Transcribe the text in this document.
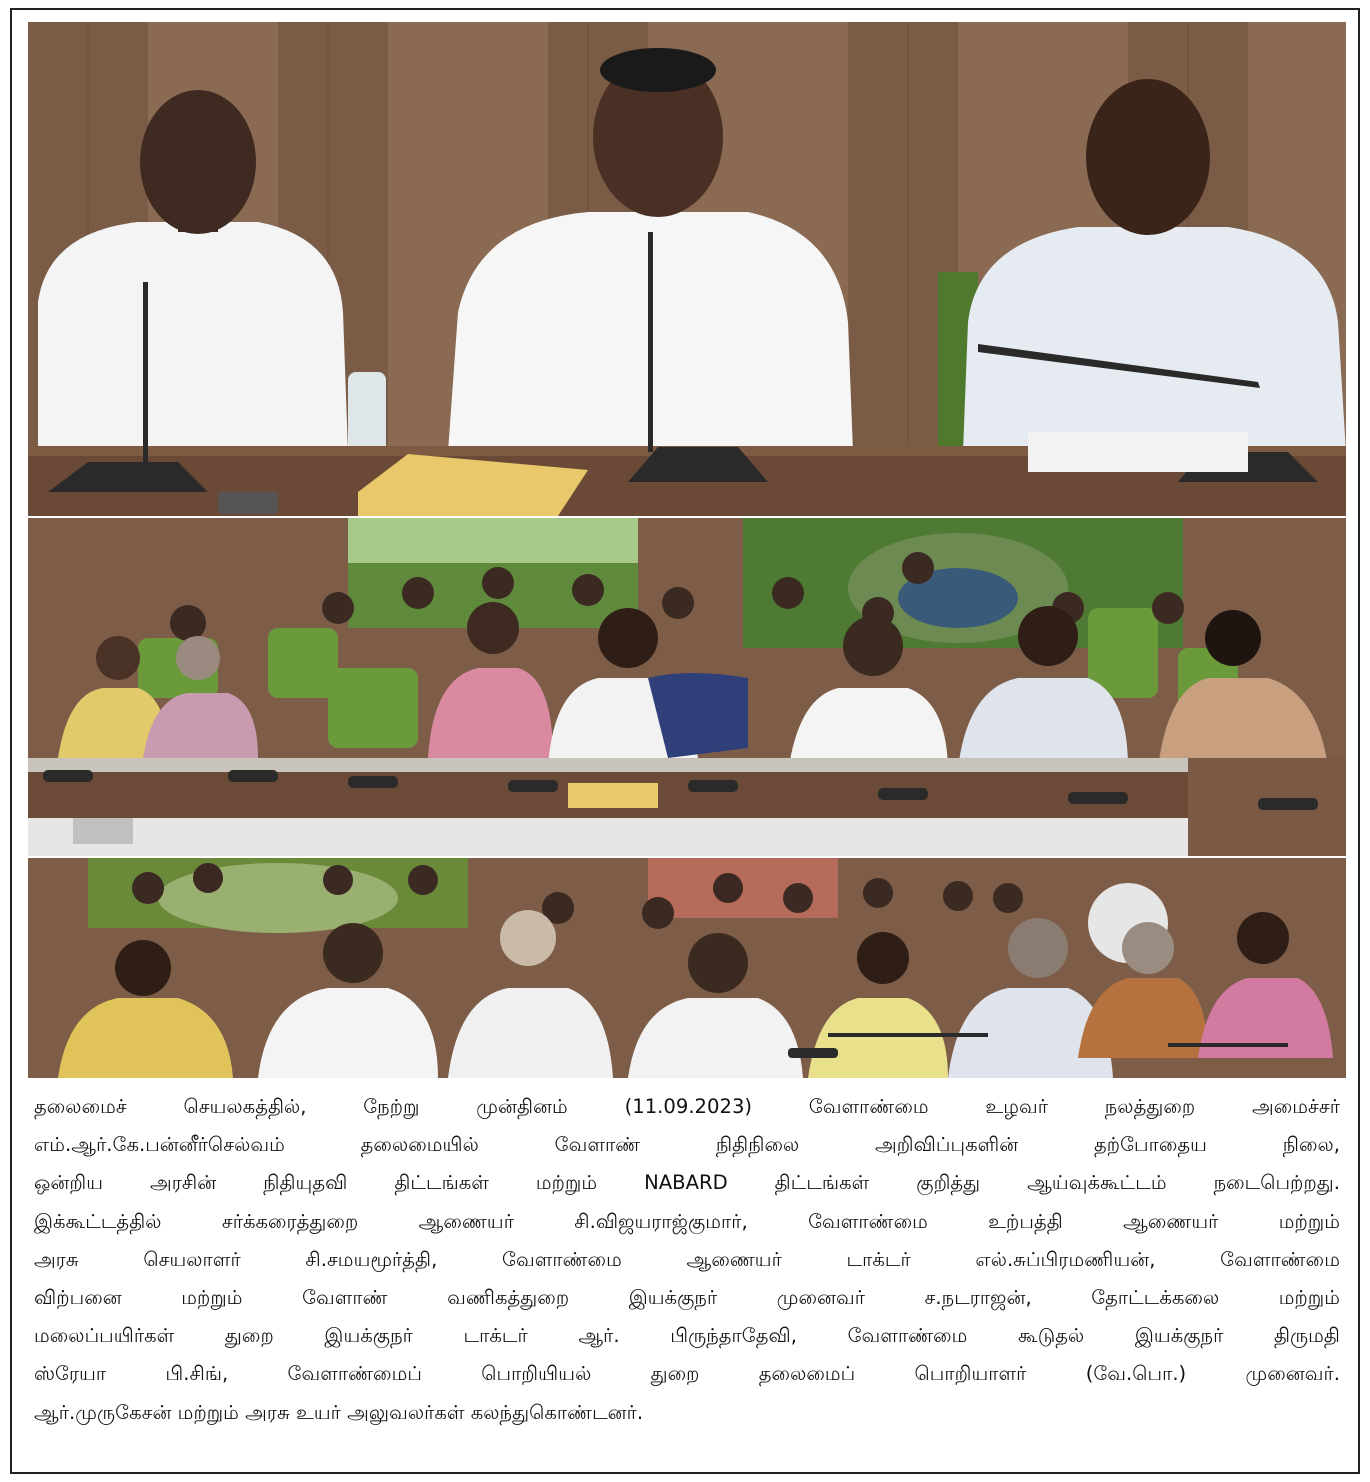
தலைமைச் செயலகத்தில், நேற்று முன்தினம் (11.09.2023) வேளாண்மை உழவர் நலத்துறை அமைச்சர்
எம்.ஆர்.கே.பன்னீர்செல்வம் தலைமையில் வேளாண் நிதிநிலை அறிவிப்புகளின் தற்போதைய நிலை,
ஒன்றிய அரசின் நிதியுதவி திட்டங்கள் மற்றும் NABARD திட்டங்கள் குறித்து ஆய்வுக்கூட்டம் நடைபெற்றது.
இக்கூட்டத்தில் சர்க்கரைத்துறை ஆணையர் சி.விஜயராஜ்குமார், வேளாண்மை உற்பத்தி ஆணையர் மற்றும்
அரசு செயலாளர் சி.சமயமூர்த்தி, வேளாண்மை ஆணையர் டாக்டர் எல்.சுப்பிரமணியன், வேளாண்மை
விற்பனை மற்றும் வேளாண் வணிகத்துறை இயக்குநர் முனைவர் ச.நடராஜன், தோட்டக்கலை மற்றும்
மலைப்பயிர்கள் துறை இயக்குநர் டாக்டர் ஆர். பிருந்தாதேவி, வேளாண்மை கூடுதல் இயக்குநர் திருமதி
ஸ்ரேயா பி.சிங், வேளாண்மைப் பொறியியல் துறை தலைமைப் பொறியாளர் (வே.பொ.) முனைவர்.
ஆர்.முருகேசன் மற்றும் அரசு உயர் அலுவலர்கள் கலந்துகொண்டனர்.
